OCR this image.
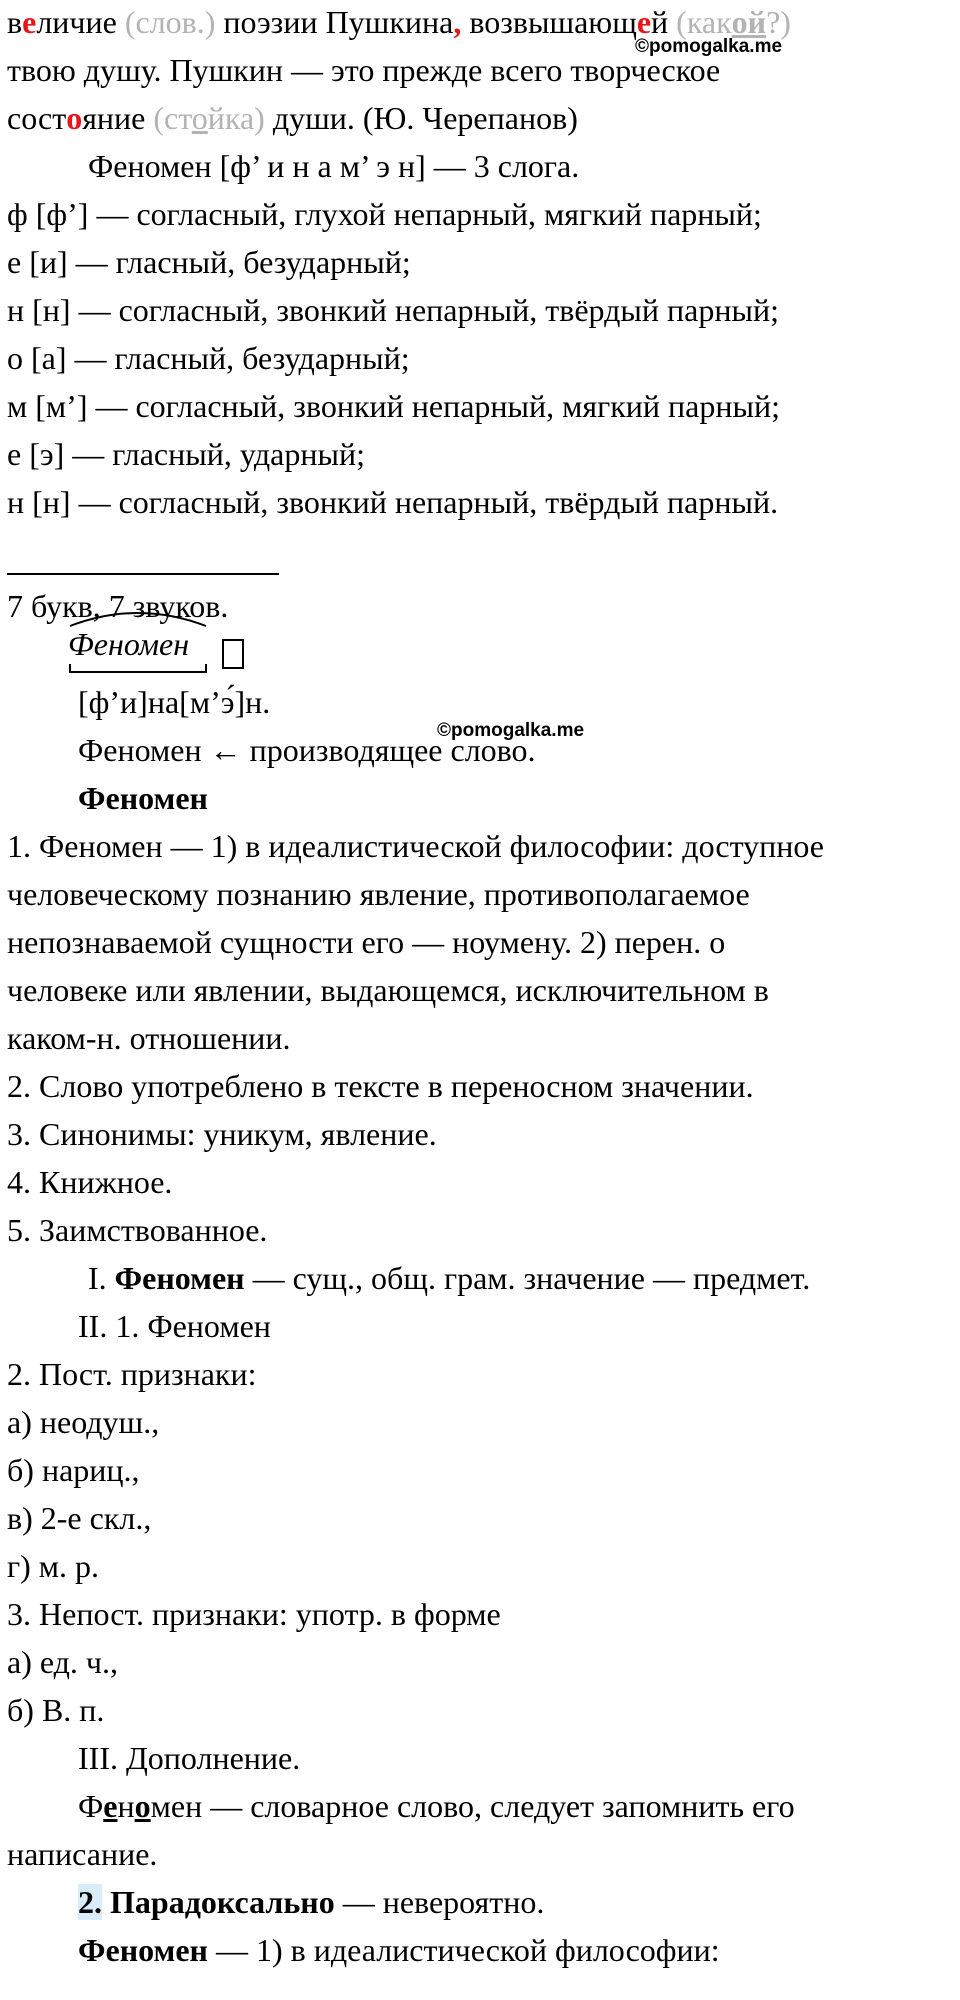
©pomogalka.me
©pomogalka.me
величие (слов.) поэзии Пушкина, возвышающей (какой?)
твою душу. Пушкин — это прежде всего творческое
состояние (стойка) души. (Ю. Черепанов)
Феномен [ф’ и н а м’ э н] — 3 слога.
ф [ф’] — согласный, глухой непарный, мягкий парный;
е [и] — гласный, безударный;
н [н] — согласный, звонкий непарный, твёрдый парный;
о [а] — гласный, безударный;
м [м’] — согласный, звонкий непарный, мягкий парный;
е [э] — гласный, ударный;
н [н] — согласный, звонкий непарный, твёрдый парный.
7 букв, 7 звуков.
Феномен
[ф’и]на[м’э́]н.
Феномен ← производящее слово.
Феномен
1. Феномен — 1) в идеалистической философии: доступное
человеческому познанию явление, противополагаемое
непознаваемой сущности его — ноумену. 2) перен. о
человеке или явлении, выдающемся, исключительном в
каком-н. отношении.
2. Слово употреблено в тексте в переносном значении.
3. Синонимы: уникум, явление.
4. Книжное.
5. Заимствованное.
I. Феномен — сущ., общ. грам. значение — предмет.
II. 1. Феномен
2. Пост. признаки:
а) неодуш.,
б) нариц.,
в) 2-е скл.,
г) м. р.
3. Непост. признаки: употр. в форме
а) ед. ч.,
б) В. п.
III. Дополнение.
Феномен — словарное слово, следует запомнить его
написание.
2. Парадоксально — невероятно.
Феномен — 1) в идеалистической философии:
